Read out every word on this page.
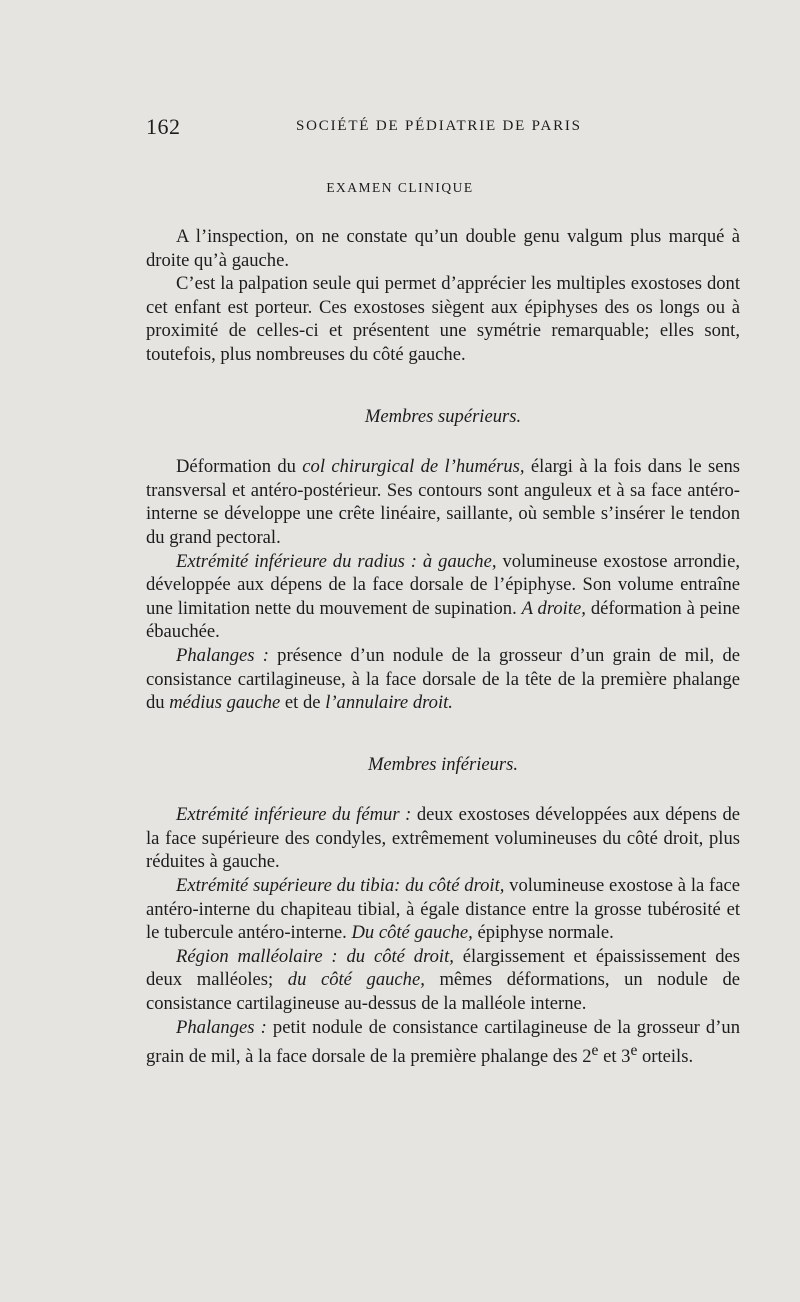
162	SOCIÉTÉ DE PÉDIATRIE DE PARIS
EXAMEN CLINIQUE

A l’inspection, on ne constate qu’un double genu valgum plus marqué à droite qu’à gauche.

C’est la palpation seule qui permet d’apprécier les multiples exostoses dont cet enfant est porteur. Ces exostoses siègent aux épiphyses des os longs ou à proximité de celles-ci et présentent une symétrie remarquable; elles sont, toutefois, plus nombreuses du côté gauche.

Membres supérieurs.

Déformation du col chirurgical de l’humérus, élargi à la fois dans le sens transversal et antéro-postérieur. Ses contours sont anguleux et à sa face antéro-interne se développe une crête linéaire, saillante, où semble s’insérer le tendon du grand pectoral.

Extrémité inférieure du radius : à gauche, volumineuse exostose arrondie, développée aux dépens de la face dorsale de l’épiphyse. Son volume entraîne une limitation nette du mouvement de supination. A droite, déformation à peine ébauchée.

Phalanges : présence d’un nodule de la grosseur d’un grain de mil, de consistance cartilagineuse, à la face dorsale de la tête de la première phalange du médius gauche et de l’annulaire droit.

Membres inférieurs.

Extrémité inférieure du fémur : deux exostoses développées aux dépens de la face supérieure des condyles, extrêmement volumineuses du côté droit, plus réduites à gauche.

Extrémité supérieure du tibia: du côté droit, volumineuse exostose à la face antéro-interne du chapiteau tibial, à égale distance entre la grosse tubérosité et le tubercule antéro-interne. Du côté gauche, épiphyse normale.

Région malléolaire : du côté droit, élargissement et épaississement des deux malléoles; du côté gauche, mêmes déformations, un nodule de consistance cartilagineuse au-dessus de la malléole interne.

Phalanges : petit nodule de consistance cartilagineuse de la grosseur d’un grain de mil, à la face dorsale de la première phalange des 2e et 3e orteils.
